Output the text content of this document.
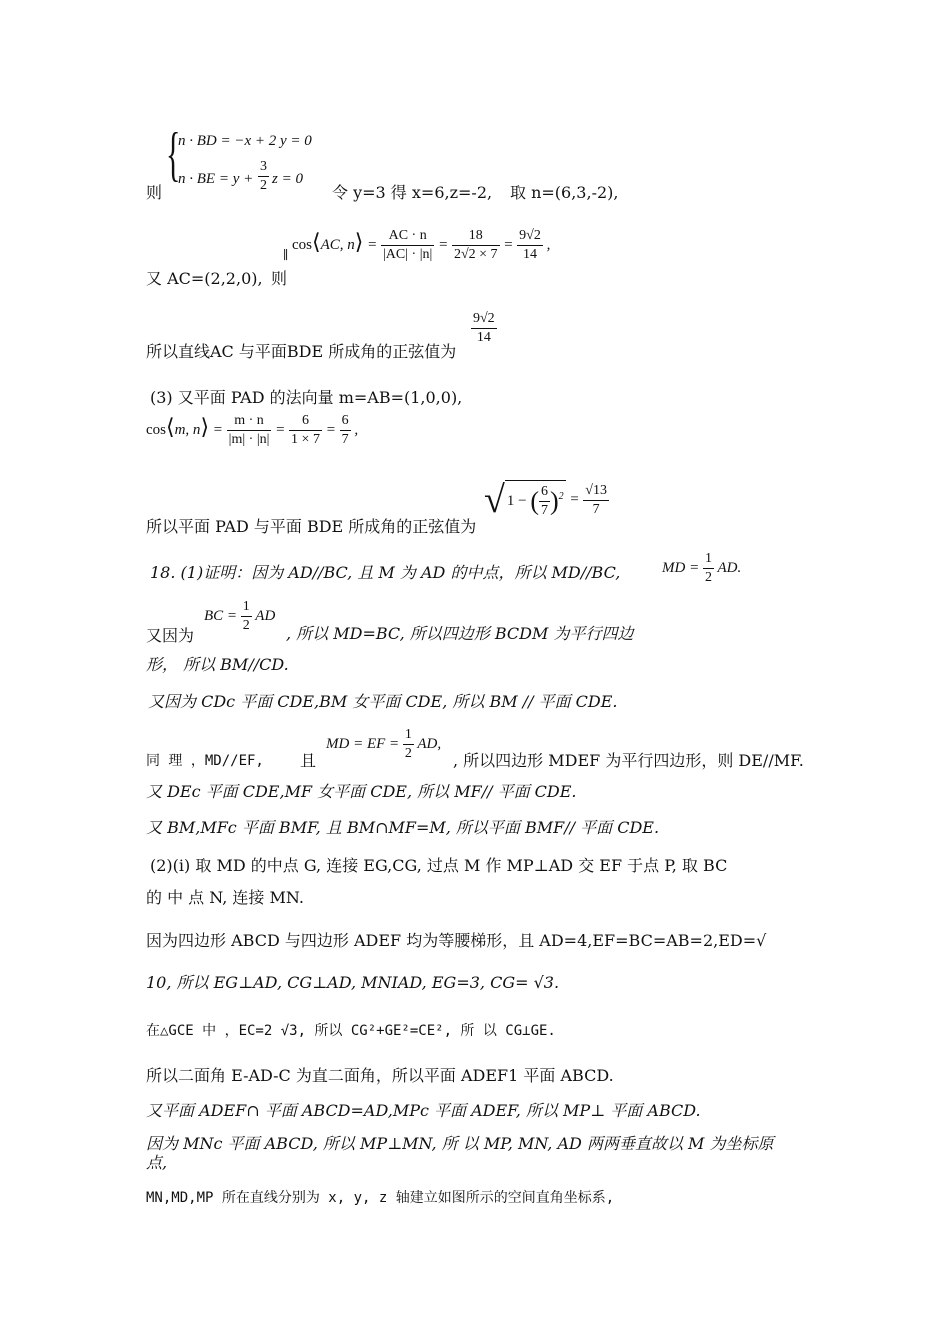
{
n · BD = −x + 2 y = 0
n · BE = $y + \frac{3}{2}$ z = 0
则	令 y=3 得 x=6,z=-2, 取 n=(6,3,-2),
∥
cos⟨AC, n⟩ = $\frac{AC \cdot n}{|AC| \cdot |n|} = \frac{18}{2√2 \times 7} = \frac{9√2}{14}$ ,
又 AC=(2,2,0), 则
$\frac{9√2}{14}$
所以直线AC 与平面BDE 所成角的正弦值为
(3) 又平面 PAD 的法向量 m=AB=(1,0,0),
cos⟨m, n⟩ = $\frac{m \cdot n}{|m| \cdot |n|} = \frac{6}{1 \times 7} = \frac{6}{7}$ ,
√ 1 − ( $\frac{6}{7} )^2 = \frac{√13}{7}$
所以平面 PAD 与平面 BDE 所成角的正弦值为
18. (1)证明：因为 AD//BC, 且 M 为 AD 的中点，所以 MD//BC,	MD = $\frac{1}{2}$ AD.
又因为
BC = $\frac{1}{2}$ AD
, 所以 MD=BC, 所以四边形 BCDM 为平行四边
形， 所以 BM//CD.
又因为 CDc 平面 CDE,BM 女平面 CDE, 所以 BM // 平面 CDE.
同 理 ，MD//EF, 且
MD = EF = $\frac{1}{2}$ AD,
, 所以四边形 MDEF 为平行四边形，则 DE//MF.
又 DEc 平面 CDE,MF 女平面 CDE, 所以 MF// 平面 CDE.
又 BM,MFc 平面 BMF, 且 BM∩MF=M, 所以平面 BMF// 平面 CDE.
(2)(i) 取 MD 的中点 G, 连接 EG,CG, 过点 M 作 MP⊥AD 交 EF 于点 P, 取 BC
的 中 点 N, 连接 MN.
因为四边形 ABCD 与四边形 ADEF 均为等腰梯形，且 AD=4,EF=BC=AB=2,ED=√
10, 所以 EG⊥AD, CG⊥AD, MNIAD, EG=3, CG= √3.
在△GCE 中 ，EC=2 √3, 所以 CG²+GE²=CE², 所 以 CG⊥GE.
所以二面角 E-AD-C 为直二面角，所以平面 ADEF1 平面 ABCD.
又平面 ADEF∩ 平面 ABCD=AD,MPc 平面 ADEF, 所以 MP⊥ 平面 ABCD.
因为 MNc 平面 ABCD, 所以 MP⊥MN, 所 以 MP, MN, AD 两两垂直故以 M 为坐标原
点,
MN,MD,MP 所在直线分别为 x, y, z 轴建立如图所示的空间直角坐标系,
